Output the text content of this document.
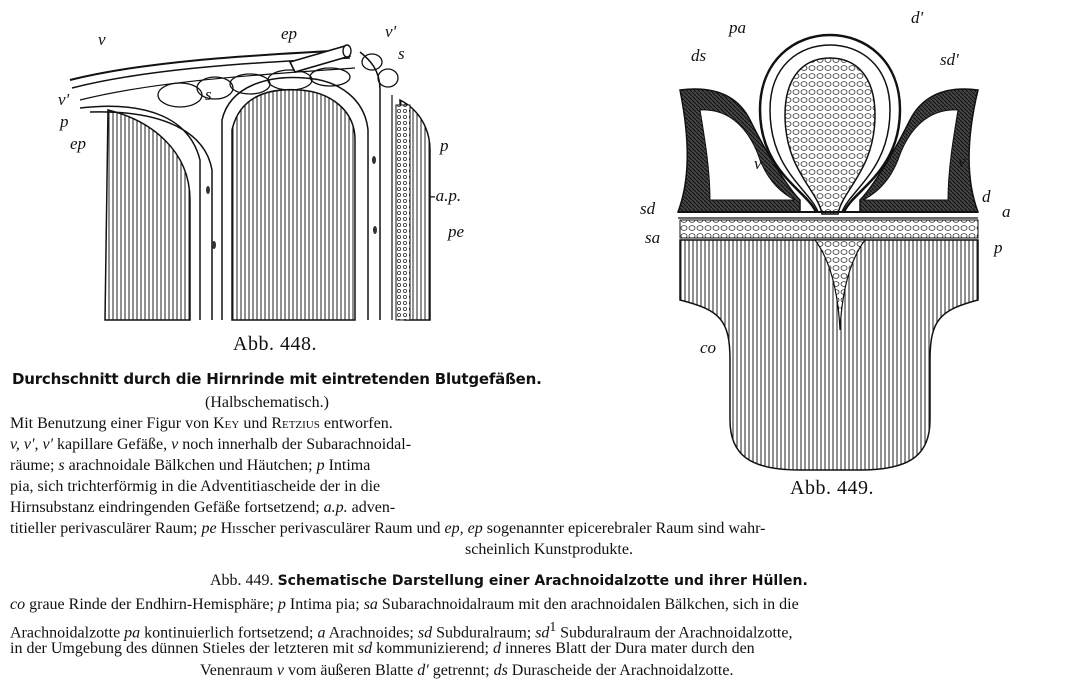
v	ep	v'
s
v'
p
ep
s
p
-a.p.
pe
Abb. 448.
pa
d'
ds	sd'
v	v
d
sd	a
sa
p
co
Abb. 449.
Durchschnitt durch die Hirnrinde mit eintretenden Blutgefäßen.
(Halbschematisch.)
Mit Benutzung einer Figur von Key und Retzius entworfen.
v, v', v' kapillare Gefäße, v noch innerhalb der Subarachnoidal-
räume; s arachnoidale Bälkchen und Häutchen; p Intima
pia, sich trichterförmig in die Adventitiascheide der in die
Hirnsubstanz eindringenden Gefäße fortsetzend; a.p. adven-
titieller perivasculärer Raum; pe Hisscher perivasculärer Raum und ep, ep sogenannter epicerebraler Raum sind wahr-
scheinlich Kunstprodukte.
Abb. 449. Schematische Darstellung einer Arachnoidalzotte und ihrer Hüllen.
co graue Rinde der Endhirn-Hemisphäre; p Intima pia; sa Subarachnoidalraum mit den arachnoidalen Bälkchen, sich in die
Arachnoidalzotte pa kontinuierlich fortsetzend; a Arachnoides; sd Subduralraum; $sd^1$ Subduralraum der Arachnoidalzotte,
in der Umgebung des dünnen Stieles der letzteren mit sd kommunizierend; d inneres Blatt der Dura mater durch den
Venenraum v vom äußeren Blatte d' getrennt; ds Durascheide der Arachnoidalzotte.
